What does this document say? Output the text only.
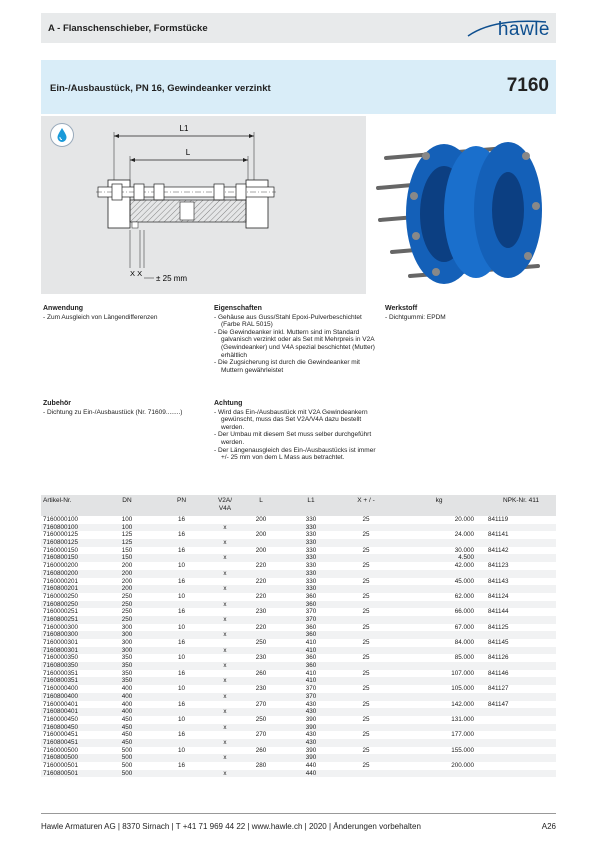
A - Flanschenschieber, Formstücke	hawle
Ein-/Ausbaustück, PN 16, Gewindeanker verzinkt	7160
L1
L
X X
± 25 mm
Anwendung
- Zum Ausgleich von Längendifferenzen
Eigenschaften
- Gehäuse aus Guss/Stahl Epoxi-Pulverbeschichtet (Farbe RAL 5015)
- Die Gewindeanker inkl. Muttern sind im Standard galvanisch verzinkt oder als Set mit Mehrpreis in V2A (Gewindeanker) und V4A spezial beschichtet (Mutter) erhältlich
- Die Zugsicherung ist durch die Gewindeanker mit Muttern gewährleistet
Werkstoff
- Dichtgummi: EPDM
Zubehör
- Dichtung zu Ein-/Ausbaustück (Nr. 71609........)
Achtung
- Wird das Ein-/Ausbaustück mit V2A Gewindeankern gewünscht, muss das Set V2A/V4A dazu bestellt werden.
- Der Umbau mit diesem Set muss selber durchgeführt werden.
- Der Längenausgleich des Ein-/Ausbaustücks ist immer +/- 25 mm von dem L Mass aus betrachtet.
Artikel-Nr.	DN	PN	V2A/ V4A	L	L1	X + / -	kg	NPK-Nr. 411
7160000100	100	16		200	330	25	20.000	841119
7160800100	100		x		330			
7160000125	125	16		200	330	25	24.000	841141
7160800125	125		x		330			
7160000150	150	16		200	330	25	30.000	841142
7160800150	150		x		330		4.500	
7160000200	200	10		220	330	25	42.000	841123
7160800200	200		x		330			
7160000201	200	16		220	330	25	45.000	841143
7160800201	200		x		330			
7160000250	250	10		220	360	25	62.000	841124
7160800250	250		x		360			
7160000251	250	16		230	370	25	66.000	841144
7160800251	250		x		370			
7160000300	300	10		220	360	25	67.000	841125
7160800300	300		x		360			
7160000301	300	16		250	410	25	84.000	841145
7160800301	300		x		410			
7160000350	350	10		230	360	25	85.000	841126
7160800350	350		x		360			
7160000351	350	16		260	410	25	107.000	841146
7160800351	350		x		410			
7160000400	400	10		230	370	25	105.000	841127
7160800400	400		x		370			
7160000401	400	16		270	430	25	142.000	841147
7160800401	400		x		430			
7160000450	450	10		250	390	25	131.000	
7160800450	450		x		390			
7160000451	450	16		270	430	25	177.000	
7160800451	450		x		430			
7160000500	500	10		260	390	25	155.000	
7160800500	500		x		390			
7160000501	500	16		280	440	25	200.000	
7160800501	500		x		440			
Hawle Armaturen AG | 8370 Sirnach | T +41 71 969 44 22 | www.hawle.ch | 2020 | Änderungen vorbehalten	A26
